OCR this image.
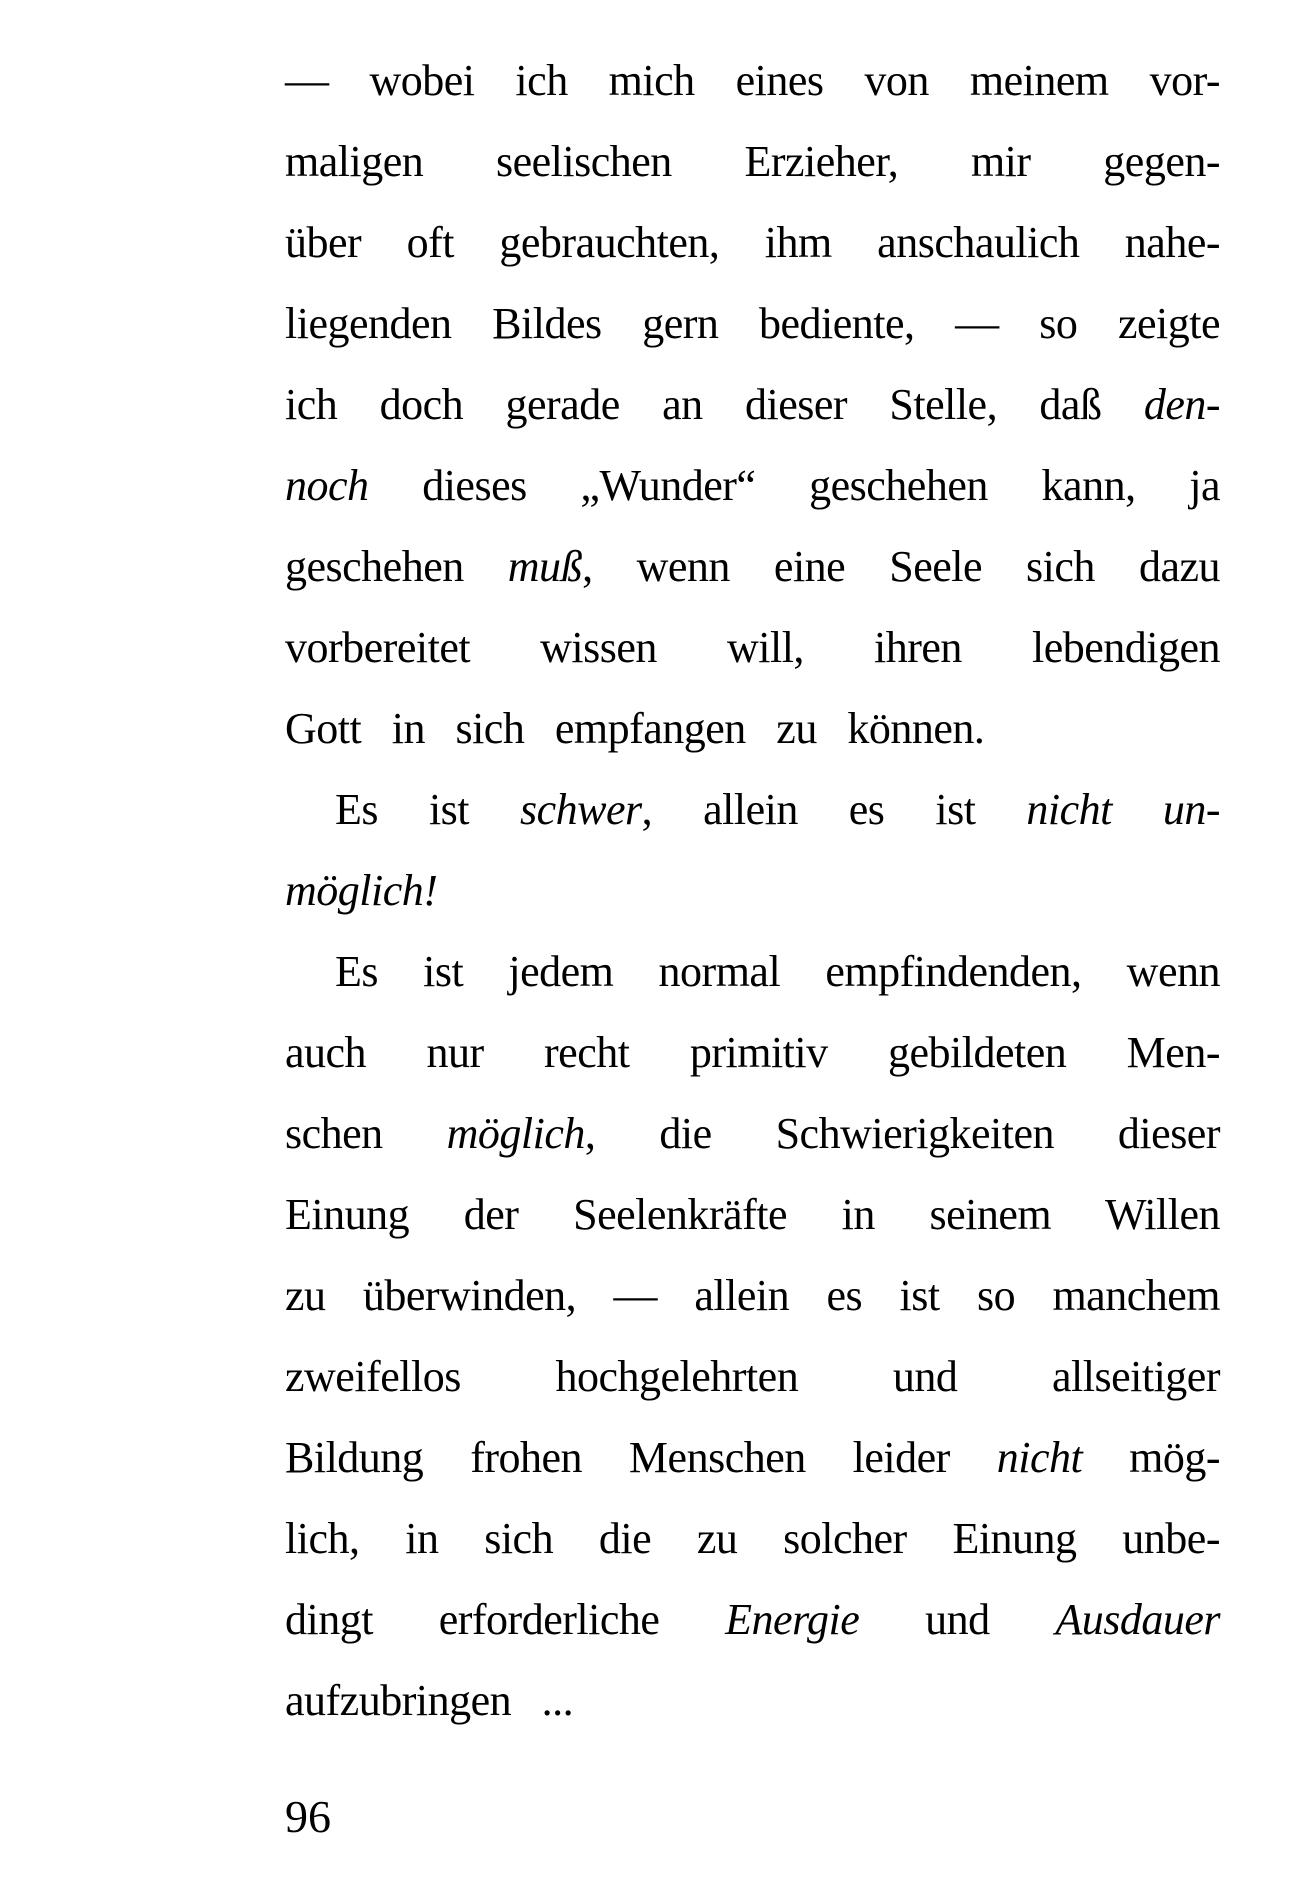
— wobei ich mich eines von meinem vor-
maligen seelischen Erzieher, mir gegen-
über oft gebrauchten, ihm anschaulich nahe-
liegenden Bildes gern bediente, — so zeigte
ich doch gerade an dieser Stelle, daß den-
noch dieses „Wunder“ geschehen kann, ja
geschehen muß, wenn eine Seele sich dazu
vorbereitet wissen will, ihren lebendigen
Gott in sich empfangen zu können.
Es ist schwer, allein es ist nicht un-
möglich!
Es ist jedem normal empfindenden, wenn
auch nur recht primitiv gebildeten Men-
schen möglich, die Schwierigkeiten dieser
Einung der Seelenkräfte in seinem Willen
zu überwinden, — allein es ist so manchem
zweifellos hochgelehrten und allseitiger
Bildung frohen Menschen leider nicht mög-
lich, in sich die zu solcher Einung unbe-
dingt erforderliche Energie und Ausdauer
aufzubringen ...
96
